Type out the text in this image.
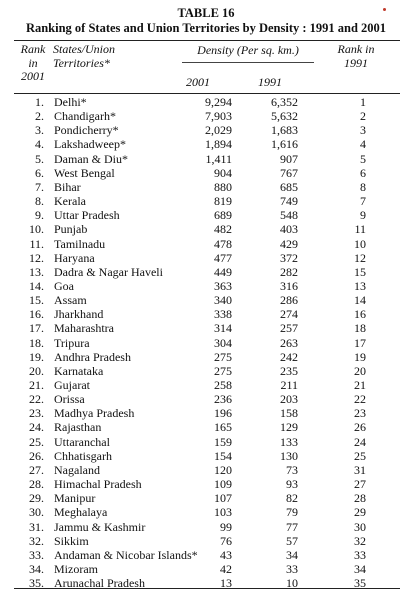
TABLE 16
Ranking of States and Union Territories by Density : 1991 and 2001
Rank
in
2001
States/Union
Territories*
Density (Per sq. km.)
2001	1991
Rank in
1991
1. Delhi*	9,294	6,352	1
2. Chandigarh*	7,903	5,632	2
3. Pondicherry*	2,029	1,683	3
4. Lakshadweep*	1,894	1,616	4
5. Daman & Diu*	1,411	907	5
6. West Bengal	904	767	6
7. Bihar	880	685	8
8. Kerala	819	749	7
9. Uttar Pradesh	689	548	9
10. Punjab	482	403	11
11. Tamilnadu	478	429	10
12. Haryana	477	372	12
13. Dadra & Nagar Haveli	449	282	15
14. Goa	363	316	13
15. Assam	340	286	14
16. Jharkhand	338	274	16
17. Maharashtra	314	257	18
18. Tripura	304	263	17
19. Andhra Pradesh	275	242	19
20. Karnataka	275	235	20
21. Gujarat	258	211	21
22. Orissa	236	203	22
23. Madhya Pradesh	196	158	23
24. Rajasthan	165	129	26
25. Uttaranchal	159	133	24
26. Chhatisgarh	154	130	25
27. Nagaland	120	73	31
28. Himachal Pradesh	109	93	27
29. Manipur	107	82	28
30. Meghalaya	103	79	29
31. Jammu & Kashmir	99	77	30
32. Sikkim	76	57	32
33. Andaman & Nicobar Islands*	43	34	33
34. Mizoram	42	33	34
35. Arunachal Pradesh	13	10	35
